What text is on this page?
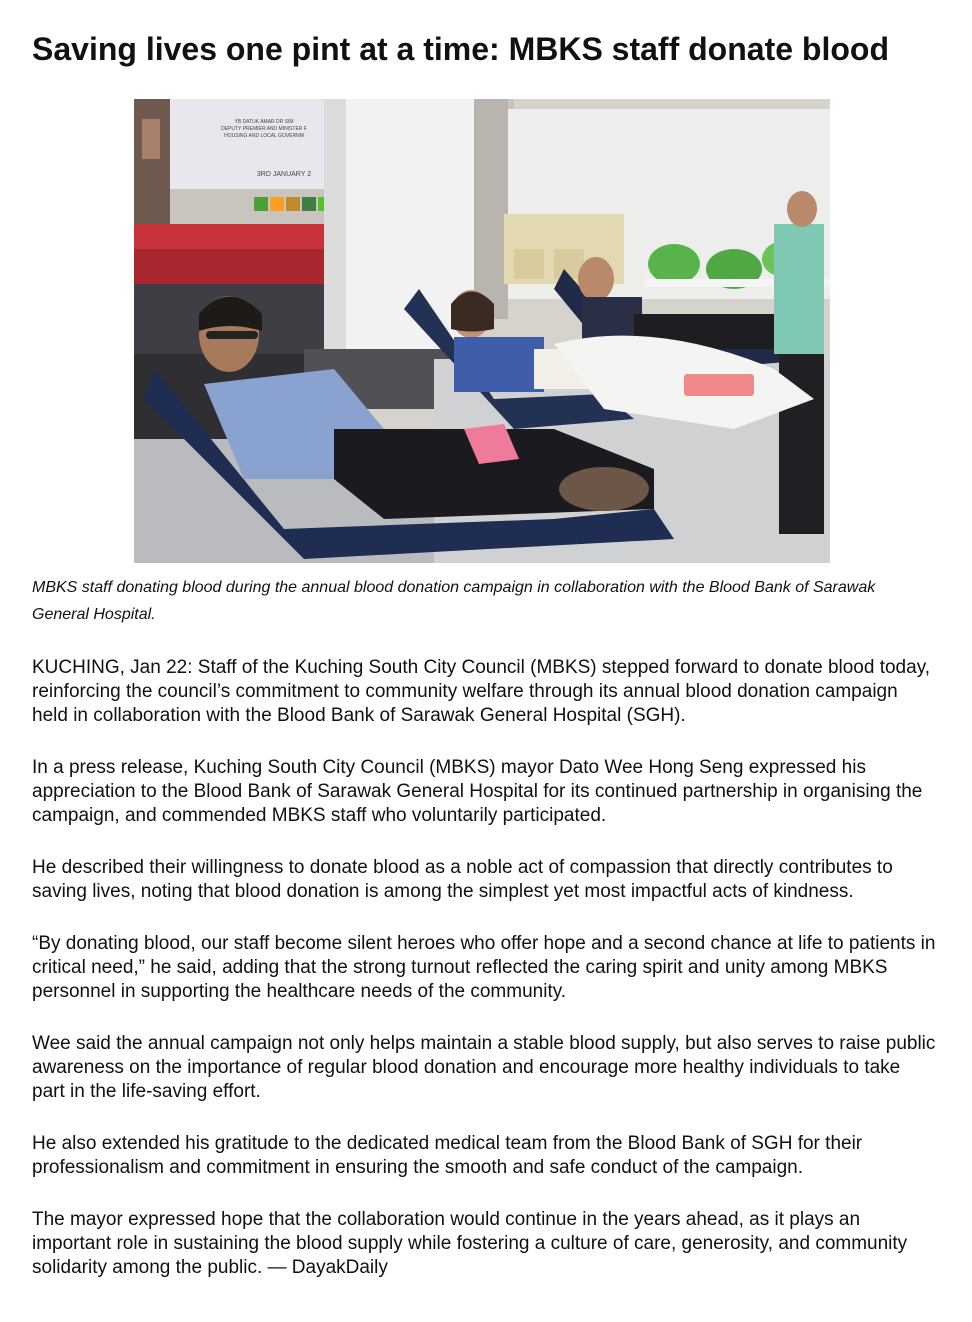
Saving lives one pint at a time: MBKS staff donate blood
YB DATUK AMAR DR SIM
DEPUTY PREMIER AND MINISTER F
HOUSING AND LOCAL GOVERNM
3RD JANUARY 2

MBKS staff donating blood during the annual blood donation campaign in collaboration with the Blood Bank of Sarawak General Hospital.

KUCHING, Jan 22: Staff of the Kuching South City Council (MBKS) stepped forward to donate blood today, reinforcing the council’s commitment to community welfare through its annual blood donation campaign held in collaboration with the Blood Bank of Sarawak General Hospital (SGH).

In a press release, Kuching South City Council (MBKS) mayor Dato Wee Hong Seng expressed his appreciation to the Blood Bank of Sarawak General Hospital for its continued partnership in organising the campaign, and commended MBKS staff who voluntarily participated.

He described their willingness to donate blood as a noble act of compassion that directly contributes to saving lives, noting that blood donation is among the simplest yet most impactful acts of kindness.

“By donating blood, our staff become silent heroes who offer hope and a second chance at life to patients in critical need,” he said, adding that the strong turnout reflected the caring spirit and unity among MBKS personnel in supporting the healthcare needs of the community.

Wee said the annual campaign not only helps maintain a stable blood supply, but also serves to raise public awareness on the importance of regular blood donation and encourage more healthy individuals to take part in the life-saving effort.

He also extended his gratitude to the dedicated medical team from the Blood Bank of SGH for their professionalism and commitment in ensuring the smooth and safe conduct of the campaign.

The mayor expressed hope that the collaboration would continue in the years ahead, as it plays an important role in sustaining the blood supply while fostering a culture of care, generosity, and community solidarity among the public. — DayakDaily
